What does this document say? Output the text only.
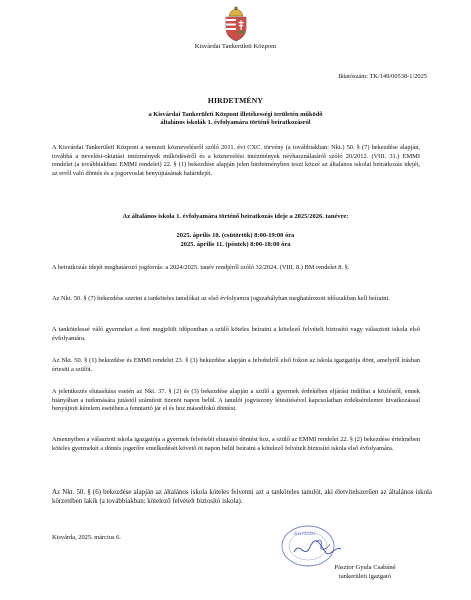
Kisvárdai Tankerületi Központ
Iktatószám: TK/149/00538-1/2025
HIRDETMÉNY
a Kisvárdai Tankerületi Központ illetékességi területén működő
általános iskolák 1. évfolyamára történő beiratkozásról
A Kisvárdai Tankerületi Központ a nemzeti köznevelésről szóló 2011. évi CXC. törvény (a továbbiakban: Nkt.) 50. § (7) bekezdése alapján, továbbá a nevelési-oktatási intézmények működéséről és a köznevelési intézmények névhasználatáról szóló 20/2012. (VIII. 31.) EMMI rendelet (a továbbiakban: EMMI rendelet) 22. § (1) bekezdése alapján jelen hirdetményben teszi közzé az általános iskolai beiratkozás idejét, az erről való döntés és a jogorvoslat benyújtásának határidejét.
Az általános iskola 1. évfolyamára történő beiratkozás ideje a 2025/2026. tanévre:
2025. április 10. (csütörtök) 8:00-19:00 óra
2025. április 11. (péntek) 8:00-18:00 óra
A beiratkozás idejét meghatározó jogforrás: a 2024/2025. tanév rendjéről szóló 32/2024. (VIII. 8.) BM rendelet 8. §.
Az Nkt. 50. § (7) bekezdése szerint a tanköteles tanulókat az első évfolyamra jogszabályban meghatározott időszakban kell beíratni.
A tankötelessé váló gyermeket a fent megjelölt időpontban a szülő köteles beíratni a kötelező felvételt biztosító vagy választott iskola első évfolyamára.
Az Nkt. 50. § (1) bekezdése és EMMI rendelet 23. § (3) bekezdése alapján a felvételről első fokon az iskola igazgatója dönt, amelyről írásban értesíti a szülőt.
A jelentkezés elutasítása esetén az Nkt. 37. § (2) és (3) bekezdése alapján a szülő a gyermek érdekében eljárást indíthat a közléstől, ennek hiányában a tudomására jutástól számított tizenöt napon belül. A tanulói jogviszony létesítésével kapcsolatban érdeksérelemre hivatkozással benyújtott kérelem esetében a fenntartó jár el és hoz másodfokú döntést.
Amennyiben a választott iskola igazgatója a gyermek felvételét elutasító döntést hoz, a szülő az EMMI rendelet 22. § (2) bekezdése értelmében köteles gyermekét a döntés jogerőre emelkedését követő öt napon belül beíratni a kötelező felvételt biztosító iskola első évfolyamára.
Az Nkt. 50. § (6) bekezdése alapján az általános iskola köteles felvenni azt a tanköteles tanulót, aki életvitelszerűen az általános iskola körzetében lakik (a továbbiakban: kötelező felvételt biztosító iskola).
Kisvárda, 2025. március 6.	Kisvárdai
Pásztor Gyula Csabáné
tankerületi igazgató
